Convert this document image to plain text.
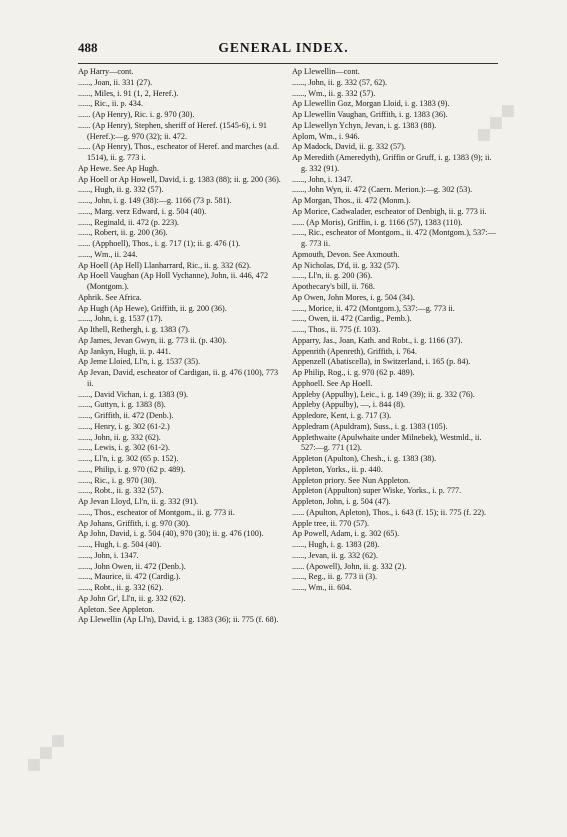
488	GENERAL INDEX.
Ap Harry—cont.
......, Joan, ii. 331 (27).
......, Miles, i. 91 (1, 2, Heref.).
......, Ric., ii. p. 434.
...... (Ap Henry), Ric. i. g. 970 (30).
...... (Ap Henry), Stephen, sheriff of Heref. (1545-6), i. 91 (Heref.):—g. 970 (32); ii. 472.
...... (Ap Henry), Thos., escheator of Heref. and marches (a.d. 1514), ii. g. 773 i.
Ap Hewe. See Ap Hugh.
Ap Hoell or Ap Howell, David, i. g. 1383 (88); ii. g. 200 (36).
......, Hugh, ii. g. 332 (57).
......, John, i. g. 149 (38):—g. 1166 (73 p. 581).
......, Marg. verz Edward, i. g. 504 (40).
......, Reginald, ii. 472 (p. 223).
......, Robert, ii. g. 200 (36).
...... (Apphoell), Thos., i. g. 717 (1); ii. g. 476 (1).
......, Wm., ii. 244.
Ap Hoell (Ap Hell) Llanharrard, Ric., ii. g. 332 (62).
Ap Hoell Vaughan (Ap Holl Vychanne), John, ii. 446, 472 (Montgom.).
Aphrik. See Africa.
Ap Hugh (Ap Hewe), Griffith, ii. g. 200 (36).
......, John, i. g. 1537 (17).
Ap Ithell, Rethergh, i. g. 1383 (7).
Ap James, Jevan Gwyn, ii. g. 773 ii. (p. 430).
Ap Jankyn, Hugh, ii. p. 441.
Ap Jeme Lloied, Ll'n, i. g. 1537 (35).
Ap Jevan, David, escheator of Cardigan, ii. g. 476 (100), 773 ii.
......, David Vichan, i. g. 1383 (9).
......, Guttyn, i. g. 1383 (8).
......, Griffith, ii. 472 (Denb.).
......, Henry, i. g. 302 (61-2.)
......, John, ii. g. 332 (62).
......, Lewis, i. g. 302 (61-2).
......, Ll'n, i. g. 302 (65 p. 152).
......, Philip, i. g. 970 (62 p. 489).
......, Ric., i. g. 970 (30).
......, Robt., ii. g. 332 (57).
Ap Jevan Lloyd, Ll'n, ii. g. 332 (91).
......, Thos., escheator of Montgom., ii. g. 773 ii.
Ap Johans, Griffith, i. g. 970 (30).
Ap John, David, i. g. 504 (40), 970 (30); ii. g. 476 (100).
......, Hugh, i. g. 504 (40).
......, John, i. 1347.
......, John Owen, ii. 472 (Denb.).
......, Maurice, ii. 472 (Cardig.).
......, Robt., ii. g. 332 (62).
Ap John Gr', Ll'n, ii. g. 332 (62).
Apleton. See Appleton.
Ap Llewellin (Ap Ll'n), David, i. g. 1383 (36); ii. 775 (f. 68).
Ap Llewellin—cont.
......, John, ii. g. 332 (57, 62).
......, Wm., ii. g. 332 (57).
Ap Llewellin Goz, Morgan Lloid, i. g. 1383 (9).
Ap Llewellin Vaughan, Griffith, i. g. 1383 (36).
Ap Llewellyn Ychyn, Jevan, i. g. 1383 (88).
Aplom, Wm., i. 946.
Ap Madock, David, ii. g. 332 (57).
Ap Meredith (Ameredyth), Griffin or Gruff, i. g. 1383 (9); ii. g. 332 (91).
......, John, i. 1347.
......, John Wyn, ii. 472 (Caern. Merion.):—g. 302 (53).
Ap Morgan, Thos., ii. 472 (Monm.).
Ap Morice, Cadwalader, escheator of Denbigh, ii. g. 773 ii.
...... (Ap Moris), Griffin, i. g. 1166 (57), 1383 (110).
......, Ric., escheator of Montgom., ii. 472 (Montgom.), 537:—g. 773 ii.
Apmouth, Devon. See Axmouth.
Ap Nicholas, D'd, ii. g. 332 (57).
......, Ll'n, ii. g. 200 (36).
Apothecary's bill, ii. 768.
Ap Owen, John Mores, i. g. 504 (34).
......, Morice, ii. 472 (Montgom.), 537:—g. 773 ii.
......, Owen, ii. 472 (Cardig., Pemb.).
......, Thos., ii. 775 (f. 103).
Apparry, Jas., Joan, Kath. and Robt., i. g. 1166 (37).
Appenrith (Apenreth), Griffith, i. 764.
Appenzell (Abatiscella), in Switzerland, i. 165 (p. 84).
Ap Philip, Rog., i. g. 970 (62 p. 489).
Apphoell. See Ap Hoell.
Appleby (Appulby), Leic., i. g. 149 (39); ii. g. 332 (76).
Appleby (Appulby), —, i. 844 (8).
Appledore, Kent, i. g. 717 (3).
Appledram (Apuldram), Suss., i. g. 1383 (105).
Applethwaite (Apulwhaite under Milnebek), Westmld., ii. 527:—g. 771 (12).
Appleton (Apulton), Chesh., i. g. 1383 (38).
Appleton, Yorks., ii. p. 440.
Appleton priory. See Nun Appleton.
Appleton (Appulton) super Wiske, Yorks., i. p. 777.
Appleton, John, i. g. 504 (47).
...... (Apulton, Apleton), Thos., i. 643 (f. 15); ii. 775 (f. 22).
Apple tree, ii. 770 (57).
Ap Powell, Adam, i. g. 302 (65).
......, Hugh, i. g. 1383 (28).
......, Jevan, ii. g. 332 (62).
...... (Apowell), John, ii. g. 332 (2).
......, Reg., ii. g. 773 ii (3).
......, Wm., ii. 604.
◆◆◆
◆◆◆
